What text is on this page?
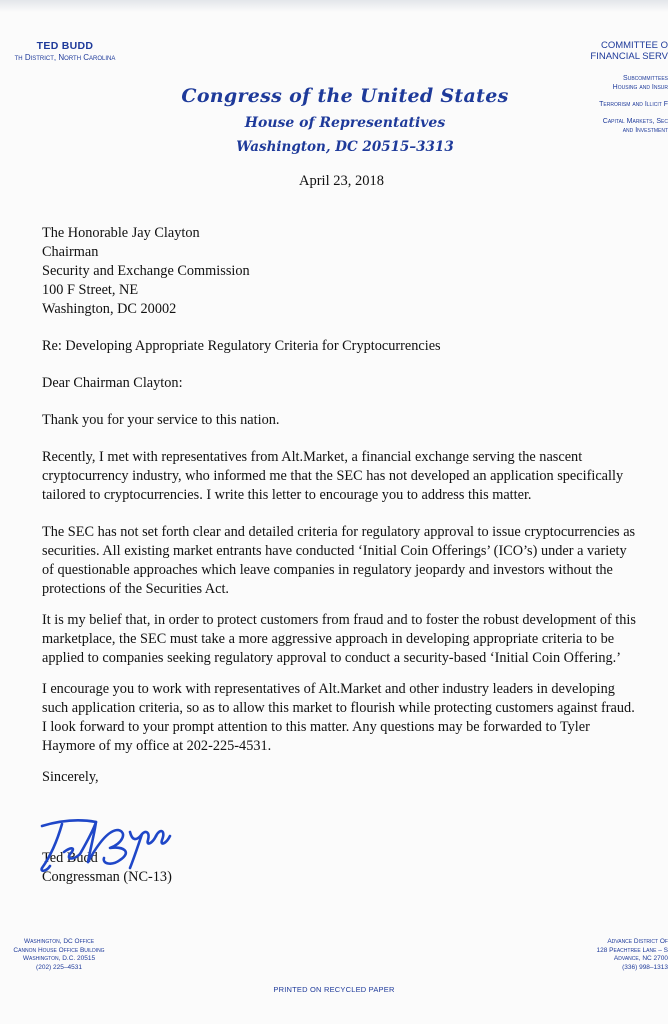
TED BUDD
th District, North Carolina
COMMITTEE O
FINANCIAL SERV
Subcommittees
Housing and Insur
Terrorism and Illicit F
Capital Markets, Sec
and Investment
Congress of the United States
House of Representatives
Washington, DC 20515–3313
April 23, 2018

The Honorable Jay Clayton
Chairman
Security and Exchange Commission
100 F Street, NE
Washington, DC 20002

Re: Developing Appropriate Regulatory Criteria for Cryptocurrencies

Dear Chairman Clayton:

Thank you for your service to this nation.

Recently, I met with representatives from Alt.Market, a financial exchange serving the nascent cryptocurrency industry, who informed me that the SEC has not developed an application specifically tailored to cryptocurrencies. I write this letter to encourage you to address this matter.

The SEC has not set forth clear and detailed criteria for regulatory approval to issue cryptocurrencies as securities. All existing market entrants have conducted ‘Initial Coin Offerings’ (ICO’s) under a variety of questionable approaches which leave companies in regulatory jeopardy and investors without the protections of the Securities Act.

It is my belief that, in order to protect customers from fraud and to foster the robust development of this marketplace, the SEC must take a more aggressive approach in developing appropriate criteria to be applied to companies seeking regulatory approval to conduct a security-based ‘Initial Coin Offering.’

I encourage you to work with representatives of Alt.Market and other industry leaders in developing such application criteria, so as to allow this market to flourish while protecting customers against fraud. I look forward to your prompt attention to this matter. Any questions may be forwarded to Tyler Haymore of my office at 202-225-4531.

Sincerely,

Ted Budd

Congressman (NC-13)

Washington, DC Office
Cannon House Office Building
Washington, D.C. 20515
(202) 225–4531
Advance District Of
128 Peachtree Lane – S
Advance, NC 2700
(336) 998–1313
PRINTED ON RECYCLED PAPER
